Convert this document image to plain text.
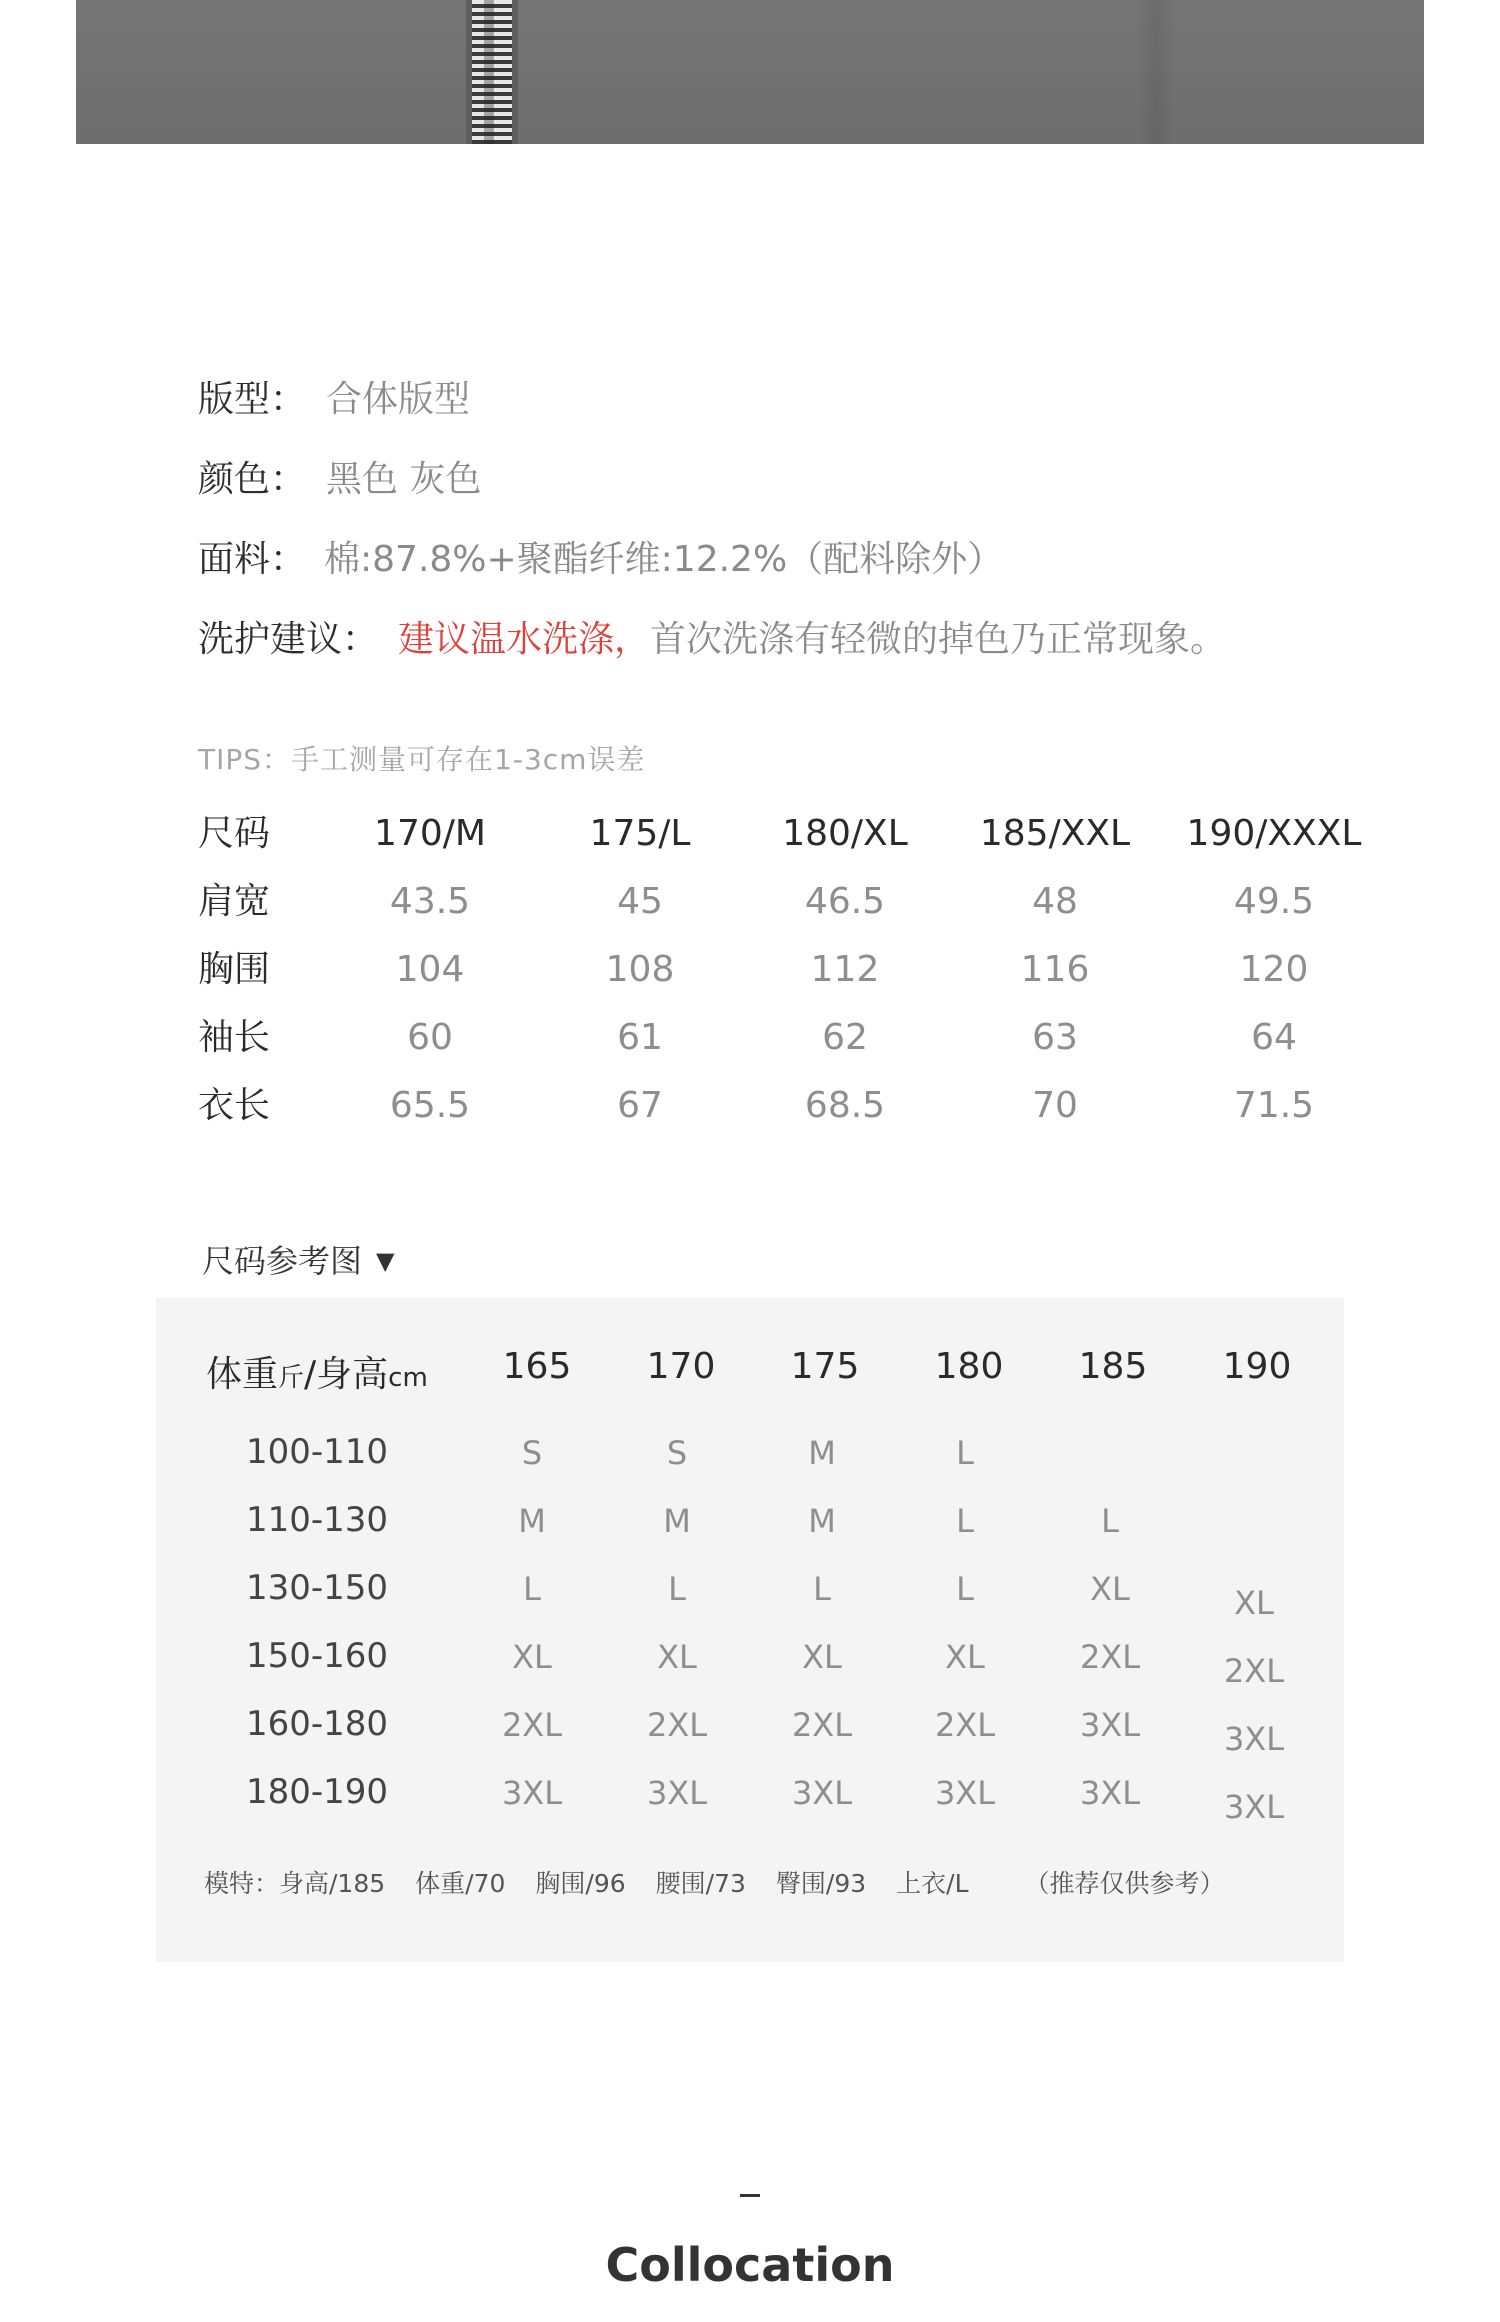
版型： 合体版型
颜色： 黑色 灰色
面料： 棉:87.8%+聚酯纤维:12.2%（配料除外）
洗护建议： 建议温水洗涤，首次洗涤有轻微的掉色乃正常现象。
TIPS：手工测量可存在1-3cm误差
尺码	170/M	175/L	180/XL	185/XXL	190/XXXL
肩宽	43.5	45	46.5	48	49.5
胸围	104	108	112	116	120
袖长	60	61	62	63	64
衣长	65.5	67	68.5	70	71.5
尺码参考图 ▼
体重斤/身高cm	165	170	175	180	185	190
100-110	S	S	M	L
110-130	M	M	M	L	L
130-150	L	L	L	L	XL	XL
150-160	XL	XL	XL	XL	2XL	2XL
160-180	2XL	2XL	2XL	2XL	3XL	3XL
180-190	3XL	3XL	3XL	3XL	3XL	3XL
模特：身高/185 体重/70 胸围/96 腰围/73 臀围/93 上衣/L （推荐仅供参考）
Collocation
